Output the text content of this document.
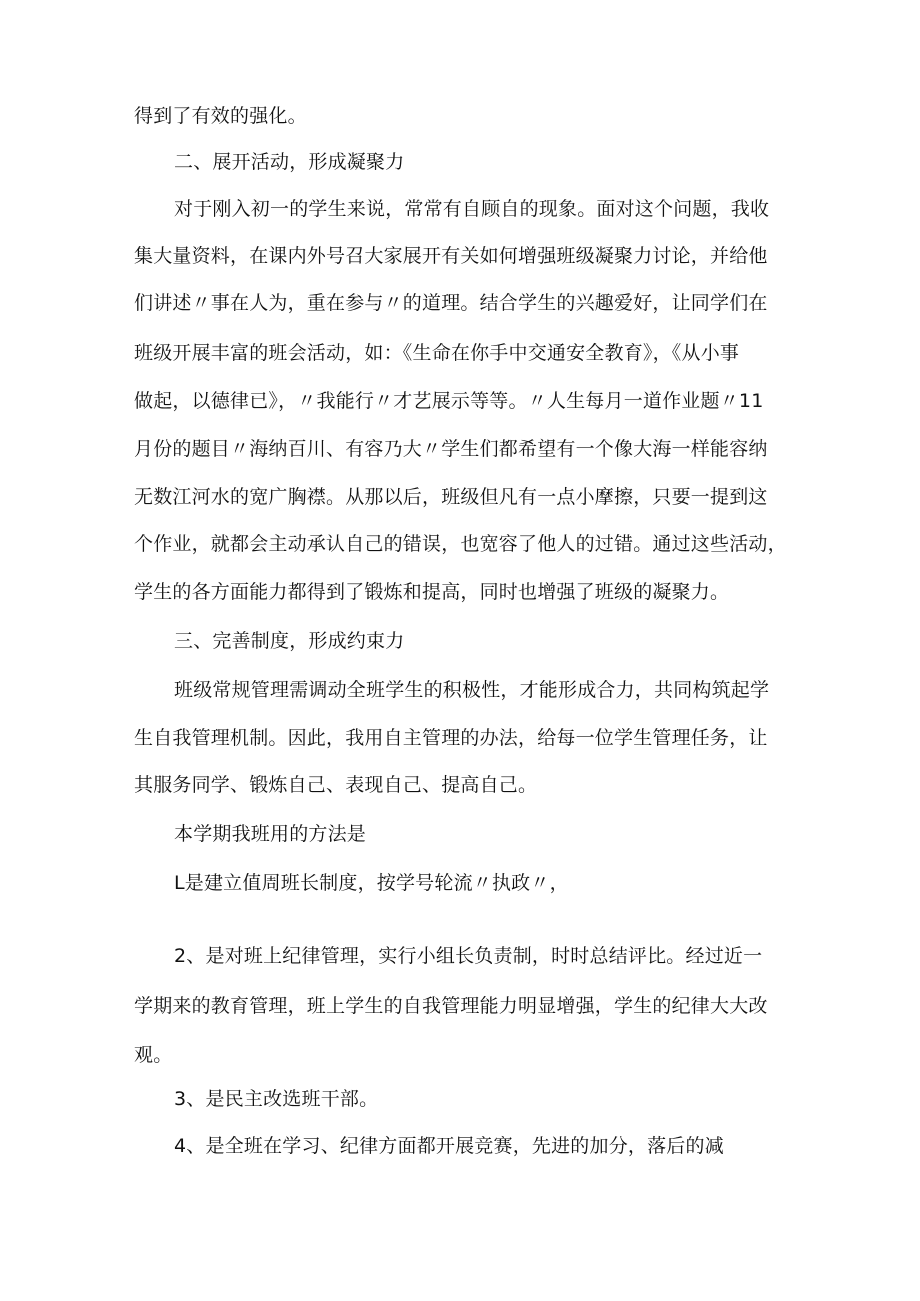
得到了有效的强化。
二、展开活动，形成凝聚力
对于刚入初一的学生来说，常常有自顾自的现象。面对这个问题，我收
集大量资料，在课内外号召大家展开有关如何增强班级凝聚力讨论，并给他
们讲述〃事在人为，重在参与〃的道理。结合学生的兴趣爱好，让同学们在
班级开展丰富的班会活动，如：《生命在你手中交通安全教育》，《从小事
做起，以德律已》，〃我能行〃才艺展示等等。〃人生每月一道作业题〃11
月份的题目〃海纳百川、有容乃大〃学生们都希望有一个像大海一样能容纳
无数江河水的宽广胸襟。从那以后，班级但凡有一点小摩擦，只要一提到这
个作业，就都会主动承认自己的错误，也宽容了他人的过错。通过这些活动，
学生的各方面能力都得到了锻炼和提高，同时也增强了班级的凝聚力。
三、完善制度，形成约束力
班级常规管理需调动全班学生的积极性，才能形成合力，共同构筑起学
生自我管理机制。因此，我用自主管理的办法，给每一位学生管理任务，让
其服务同学、锻炼自己、表现自己、提高自己。
本学期我班用的方法是
L是建立值周班长制度，按学号轮流〃执政〃，
2、是对班上纪律管理，实行小组长负责制，时时总结评比。经过近一
学期来的教育管理，班上学生的自我管理能力明显增强，学生的纪律大大改
观。
3、是民主改选班干部。
4、是全班在学习、纪律方面都开展竞赛，先进的加分，落后的减
